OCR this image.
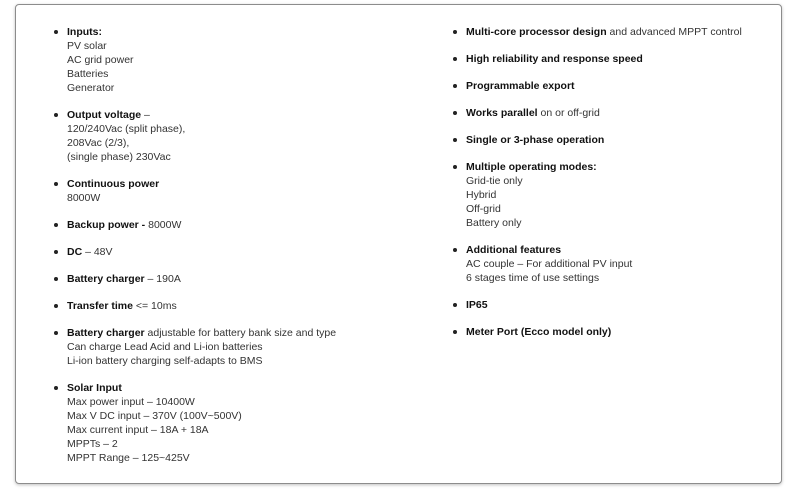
Inputs:
PV solar
AC grid power
Batteries
Generator
Output voltage –
120/240Vac (split phase),
208Vac (2/3),
(single phase) 230Vac
Continuous power
8000W
Backup power - 8000W
DC – 48V
Battery charger – 190A
Transfer time <= 10ms
Battery charger adjustable for battery bank size and type
Can charge Lead Acid and Li-ion batteries
Li-ion battery charging self-adapts to BMS
Solar Input
Max power input – 10400W
Max V DC input – 370V (100V~500V)
Max current input – 18A + 18A
MPPTs – 2
MPPT Range – 125~425V
Multi-core processor design and advanced MPPT control
High reliability and response speed
Programmable export
Works parallel on or off-grid
Single or 3-phase operation
Multiple operating modes:
Grid-tie only
Hybrid
Off-grid
Battery only
Additional features
AC couple – For additional PV input
6 stages time of use settings
IP65
Meter Port (Ecco model only)
